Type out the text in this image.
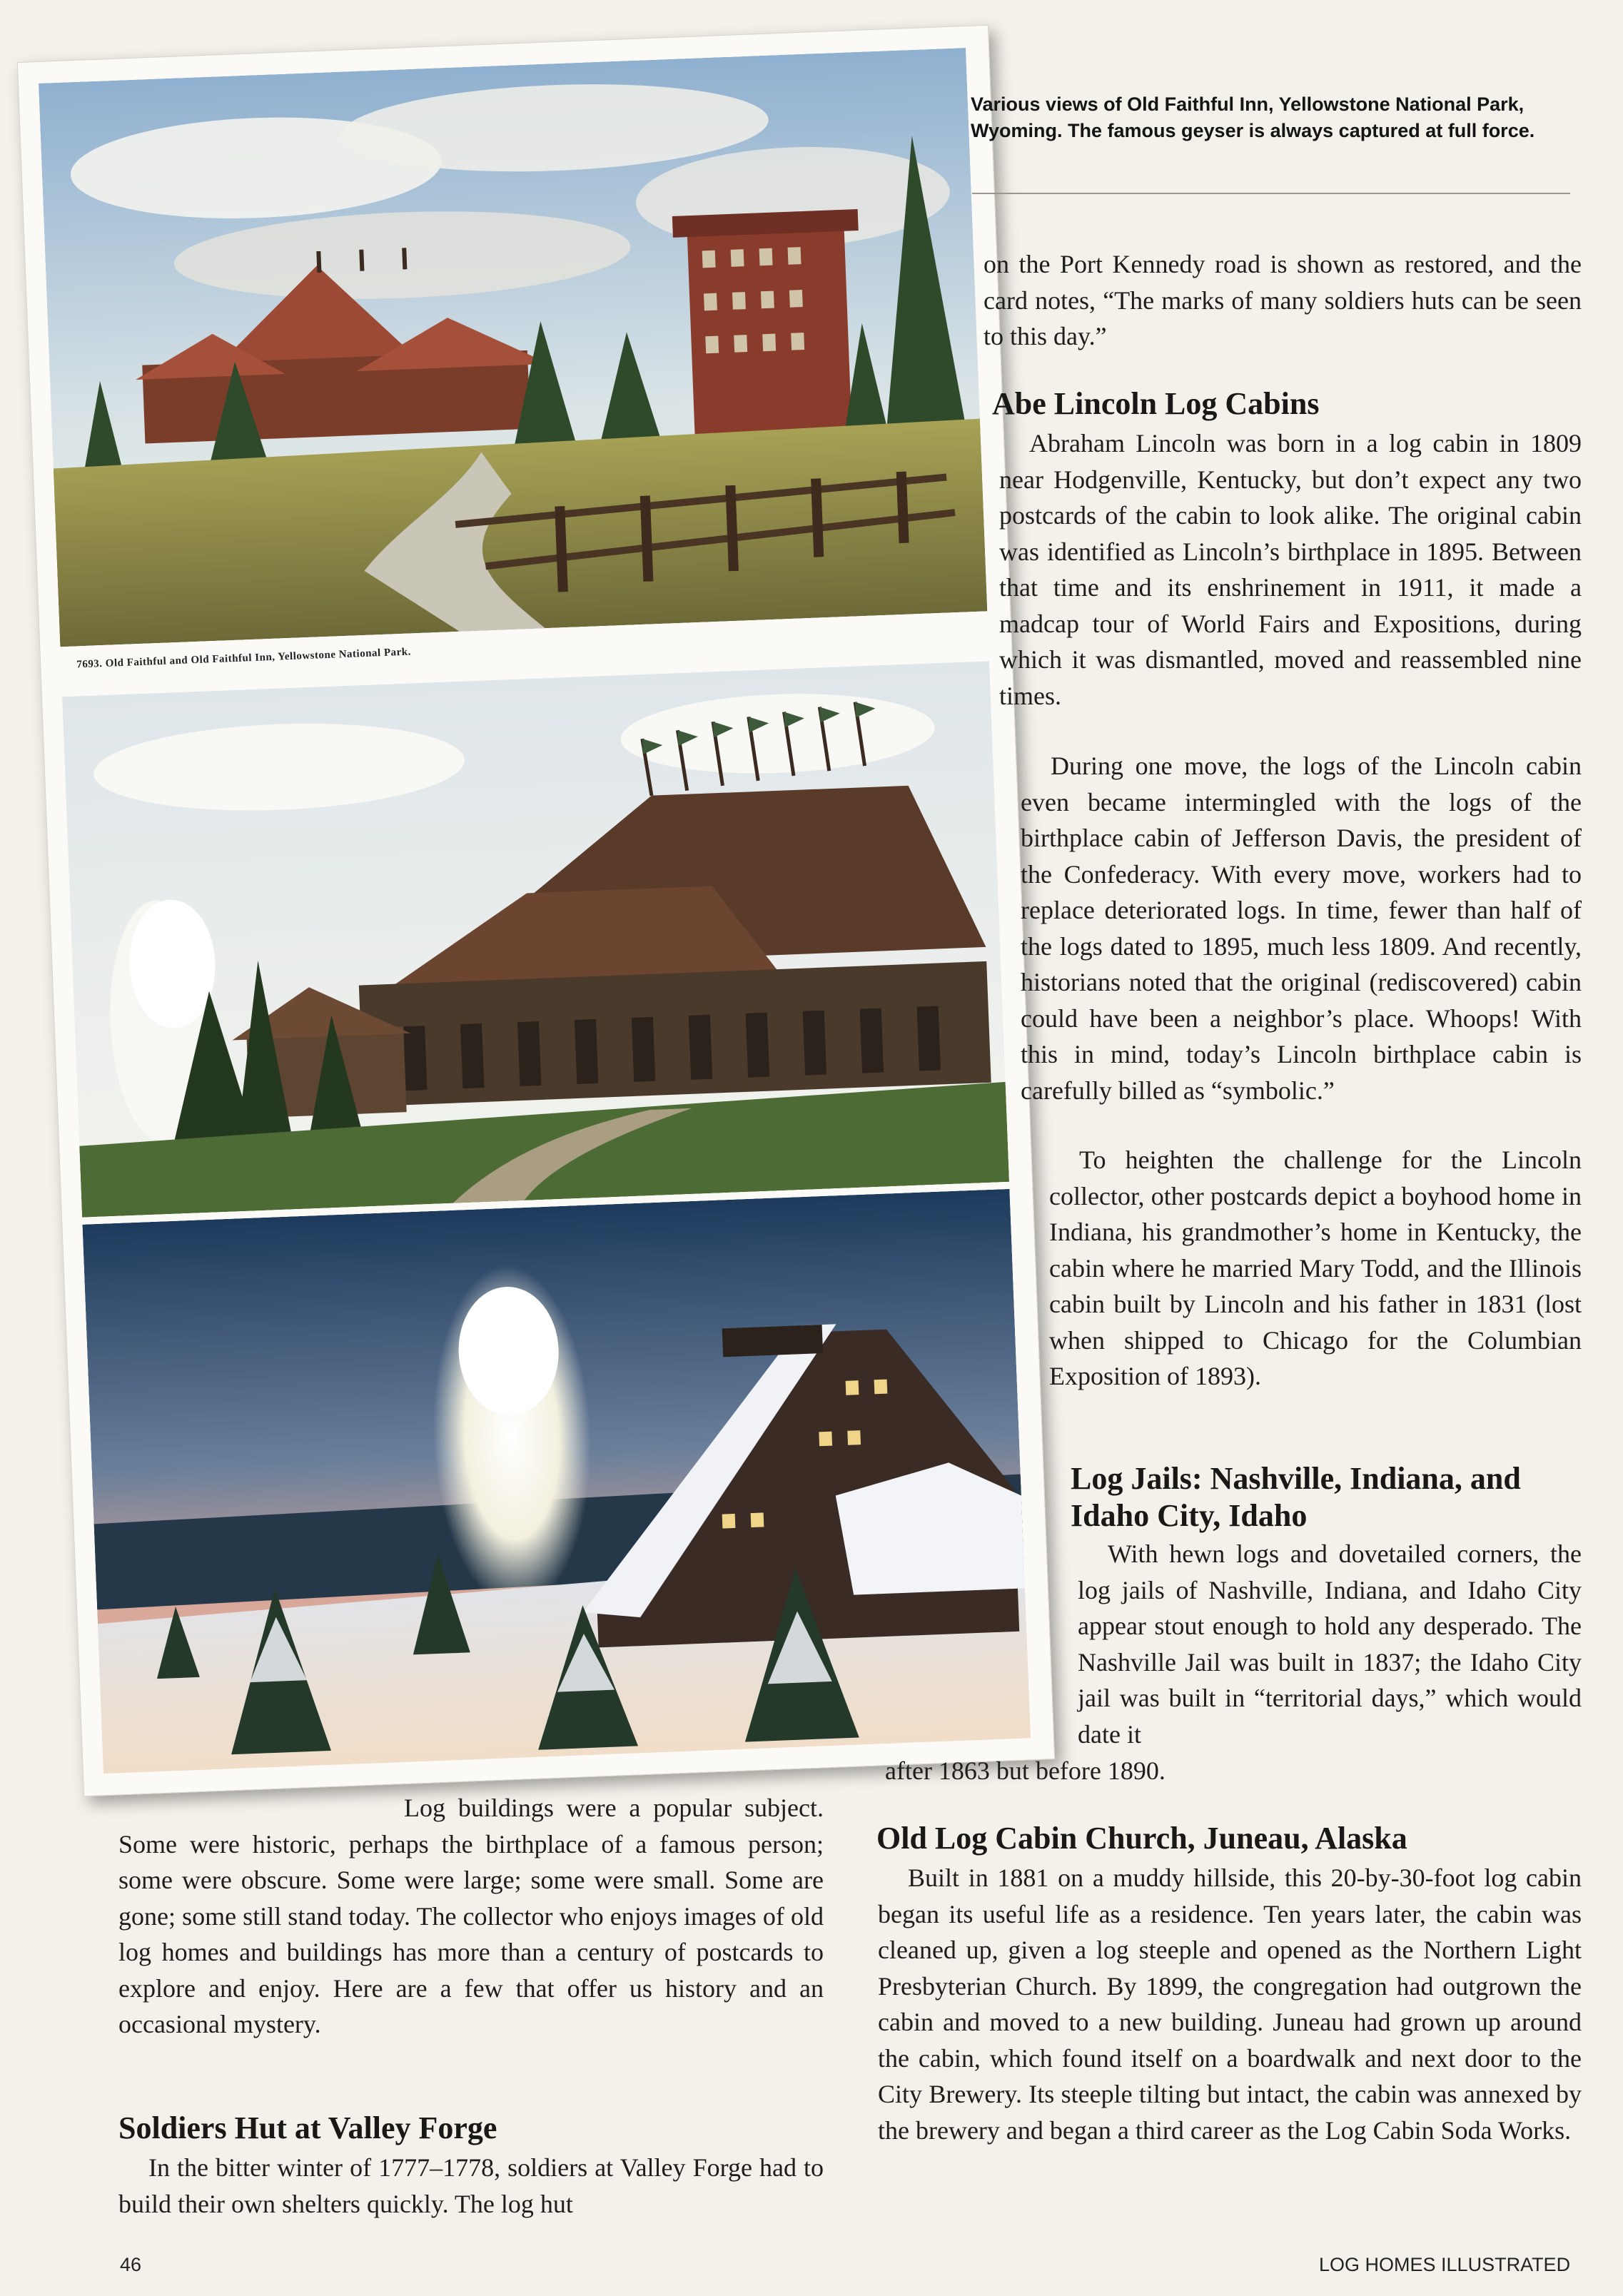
7693. Old Faithful and Old Faithful Inn, Yellowstone National Park.
Various views of Old Faithful Inn, Yellowstone National Park, Wyoming. The famous geyser is always captured at full force.

on the Port Kennedy road is shown as restored, and the card notes, “The marks of many soldiers huts can be seen to this day.”

Abe Lincoln Log Cabins

Abraham Lincoln was born in a log cabin in 1809 near Hodgenville, Kentucky, but don’t expect any two postcards of the cabin to look alike. The original cabin was identified as Lincoln’s birthplace in 1895. Between that time and its enshrinement in 1911, it made a madcap tour of World Fairs and Expositions, during which it was dismantled, moved and reassembled nine times.

During one move, the logs of the Lincoln cabin even became intermingled with the logs of the birthplace cabin of Jefferson Davis, the president of the Confederacy. With every move, workers had to replace deteriorated logs. In time, fewer than half of the logs dated to 1895, much less 1809. And recently, historians noted that the original (rediscovered) cabin could have been a neighbor’s place. Whoops! With this in mind, today’s Lincoln birthplace cabin is carefully billed as “symbolic.”

To heighten the challenge for the Lincoln collector, other postcards depict a boyhood home in Indiana, his grandmother’s home in Kentucky, the cabin where he married Mary Todd, and the Illinois cabin built by Lincoln and his father in 1831 (lost when shipped to Chicago for the Columbian Exposition of 1893).

Log Jails: Nashville, Indiana, and Idaho City, Idaho

With hewn logs and dovetailed corners, the log jails of Nashville, Indiana, and Idaho City appear stout enough to hold any desperado. The Nashville Jail was built in 1837; the Idaho City jail was built in “territorial days,” which would date it

after 1863 but before 1890.

Old Log Cabin Church, Juneau, Alaska

Built in 1881 on a muddy hillside, this 20-by-30-foot log cabin began its useful life as a residence. Ten years later, the cabin was cleaned up, given a log steeple and opened as the Northern Light Presbyterian Church. By 1899, the congregation had outgrown the cabin and moved to a new building. Juneau had grown up around the cabin, which found itself on a boardwalk and next door to the City Brewery. Its steeple tilting but intact, the cabin was annexed by the brewery and began a third career as the Log Cabin Soda Works.

Log buildings were a popular subject. Some were historic, perhaps the birthplace of a famous person; some were obscure. Some were large; some were small. Some are gone; some still stand today. The collector who enjoys images of old log homes and buildings has more than a century of postcards to explore and enjoy. Here are a few that offer us history and an occasional mystery.

Soldiers Hut at Valley Forge

In the bitter winter of 1777–1778, soldiers at Valley Forge had to build their own shelters quickly. The log hut

46	LOG HOMES ILLUSTRATED
